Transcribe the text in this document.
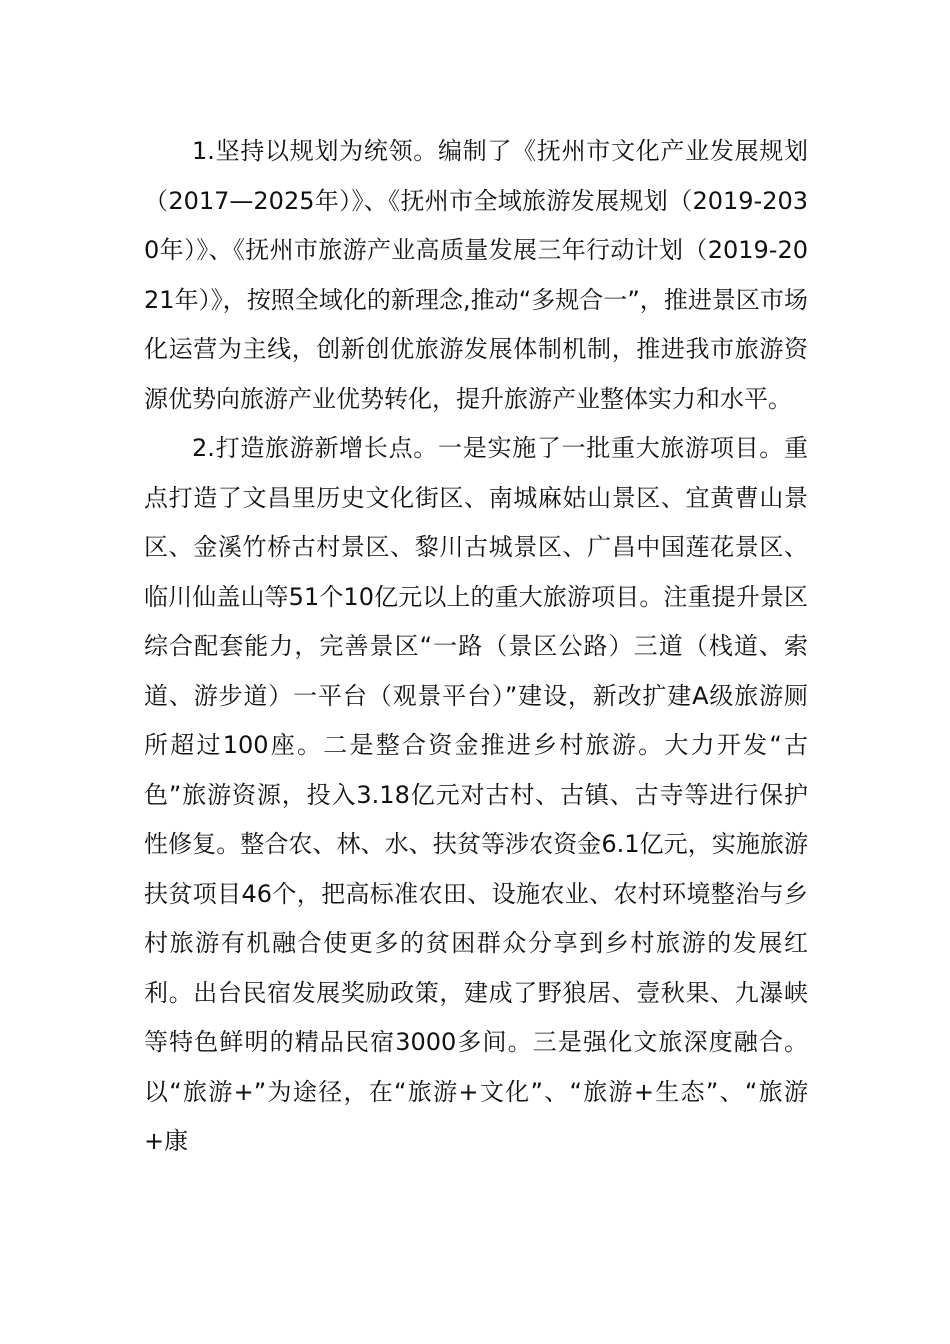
1.坚持以规划为统领。编制了《抚州市文化产业发展规划（2017—2025年）》、《抚州市全域旅游发展规划（2019-2030年）》、《抚州市旅游产业高质量发展三年行动计划（2019-2021年）》，按照全域化的新理念,推动“多规合一”，推进景区市场化运营为主线，创新创优旅游发展体制机制，推进我市旅游资源优势向旅游产业优势转化，提升旅游产业整体实力和水平。

2.打造旅游新增长点。一是实施了一批重大旅游项目。重点打造了文昌里历史文化街区、南城麻姑山景区、宜黄曹山景区、金溪竹桥古村景区、黎川古城景区、广昌中国莲花景区、临川仙盖山等51个10亿元以上的重大旅游项目。注重提升景区综合配套能力，完善景区“一路（景区公路）三道（栈道、索道、游步道）一平台（观景平台）”建设，新改扩建A级旅游厕所超过100座。二是整合资金推进乡村旅游。大力开发“古色”旅游资源，投入3.18亿元对古村、古镇、古寺等进行保护性修复。整合农、林、水、扶贫等涉农资金6.1亿元，实施旅游扶贫项目46个，把高标准农田、设施农业、农村环境整治与乡村旅游有机融合使更多的贫困群众分享到乡村旅游的发展红利。出台民宿发展奖励政策，建成了野狼居、壹秋果、九瀑峡等特色鲜明的精品民宿3000多间。三是强化文旅深度融合。以“旅游+”为途径，在“旅游+文化”、“旅游+生态”、“旅游+康
